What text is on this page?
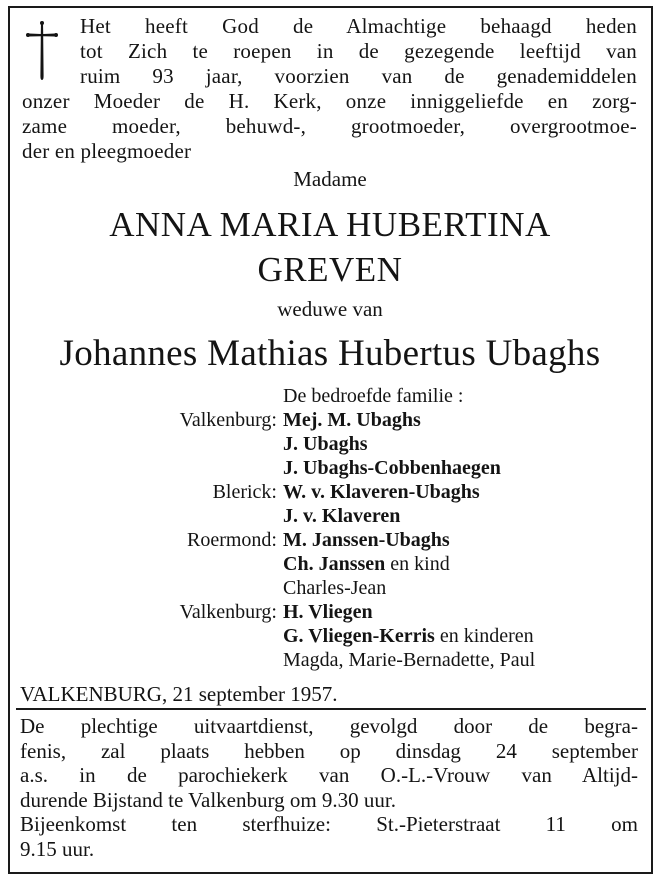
Het heeft God de Almachtige behaagd heden
tot Zich te roepen in de gezegende leeftijd van
ruim 93 jaar, voorzien van de genademiddelen
onzer Moeder de H. Kerk, onze inniggeliefde en zorg-
zame moeder, behuwd-, grootmoeder, overgrootmoe-
der en pleegmoeder
Madame
ANNA MARIA HUBERTINA
GREVEN
weduwe van
Johannes Mathias Hubertus Ubaghs
De bedroefde familie :
Valkenburg: Mej. M. Ubaghs
J. Ubaghs
J. Ubaghs-Cobbenhaegen
Blerick: W. v. Klaveren-Ubaghs
J. v. Klaveren
Roermond: M. Janssen-Ubaghs
Ch. Janssen en kind
Charles-Jean
Valkenburg: H. Vliegen
G. Vliegen-Kerris en kinderen
Magda, Marie-Bernadette, Paul
VALKENBURG, 21 september 1957.
De plechtige uitvaartdienst, gevolgd door de begra-
fenis, zal plaats hebben op dinsdag 24 september
a.s. in de parochiekerk van O.-L.-Vrouw van Altijd-
durende Bijstand te Valkenburg om 9.30 uur.
Bijeenkomst ten sterfhuize: St.-Pieterstraat 11 om
9.15 uur.
